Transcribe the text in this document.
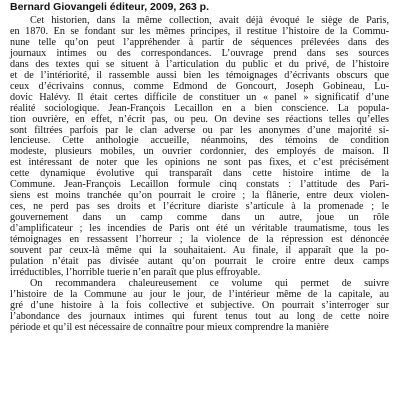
Bernard Giovangeli éditeur, 2009, 263 p.
Cet historien, dans la même collection, avait déjà évoqué le siège de Paris,
en 1870. En se fondant sur les mêmes principes, il restitue l’histoire de la Commu-
nune telle qu’on peut l’appréhender à partir de séquences prélevées dans des
journaux intimes ou des correspondances. L’ouvrage prend dans ses sources
dans des textes qui se situent à l’articulation du public et du privé, de l’histoire
et de l’intériorité, il rassemble aussi bien les témoignages d’écrivants obscurs que
ceux d’écrivains connus, comme Edmond de Goncourt, Joseph Gobineau, Lu-
dovic Halévy. Il était certes difficile de constituer un « panel » significatif d’une
réalité sociologique. Jean-François Lecaillon en a bien conscience. La popula-
tion ouvrière, en effet, n’écrit pas, ou peu. On devine ses réactions telles qu’elles
sont filtrées parfois par le clan adverse ou par les anonymes d’une majorité si-
lencieuse. Cette anthologie accueille, néanmoins, des témoins de condition
modeste, plusieurs mobiles, un ouvrier cordonnier, des employés de maison. Il
est intéressant de noter que les opinions ne sont pas fixes, et c’est précisément
cette dynamique évolutive qui transparaît dans cette histoire intime de la
Commune. Jean-François Lecaillon formule cinq constats : l’attitude des Pari-
siens est moins tranchée qu’on pourrait le croire ; la flânerie, entre deux violen-
ces, ne perd pas ses droits et l’écriture diariste s’articule à la promenade ; le
gouvernement dans un camp comme dans un autre, joue un rôle
d’amplificateur ; les incendies de Paris ont été un véritable traumatisme, tous les
témoignages en ressassent l’horreur ; la violence de la répression est dénoncée
souvent par ceux-là même qui la souhaitaient. Au finale, il apparaît que la po-
pulation n’était pas divisée autant qu’on pourrait le croire entre deux camps
irréductibles, l’horrible tuerie n’en paraît que plus effroyable.
On recommandera chaleureusement ce volume qui permet de suivre
l’histoire de la Commune au jour le jour, de l’intérieur même de la capitale, au
gré d’une histoire à la fois collective et subjective. On pourrait s’interroger sur
l’abondance des journaux intimes qui furent tenus tout au long de cette noire
période et qu’il est nécessaire de connaître pour mieux comprendre la manière
